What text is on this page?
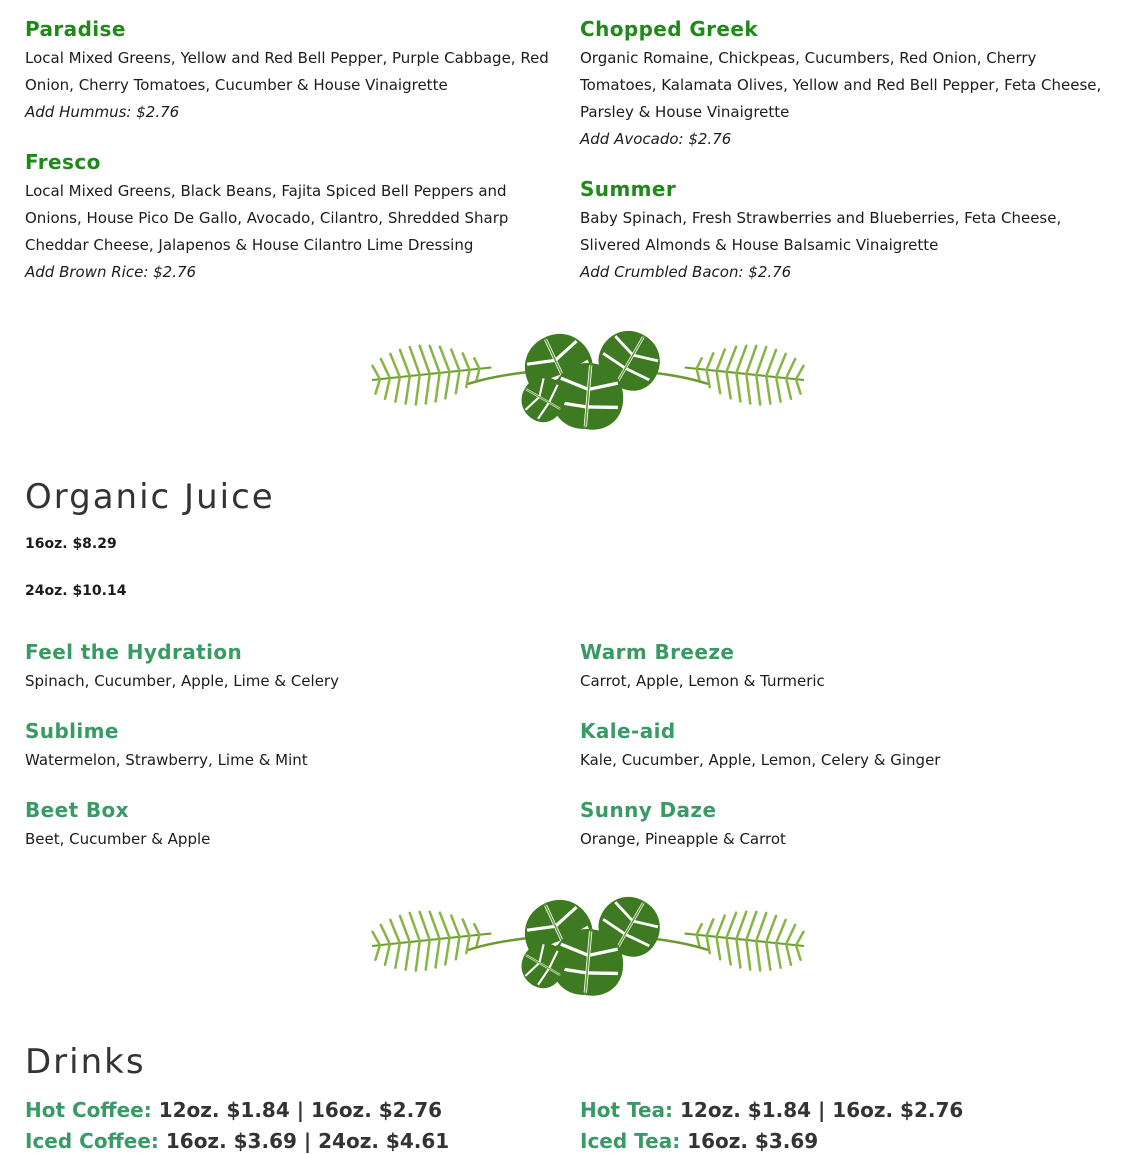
Paradise

Local Mixed Greens, Yellow and Red Bell Pepper, Purple Cabbage, Red Onion, Cherry Tomatoes, Cucumber & House Vinaigrette

Add Hummus: $2.76

Chopped Greek

Organic Romaine, Chickpeas, Cucumbers, Red Onion, Cherry Tomatoes, Kalamata Olives, Yellow and Red Bell Pepper, Feta Cheese, Parsley & House Vinaigrette

Add Avocado: $2.76

Fresco

Local Mixed Greens, Black Beans, Fajita Spiced Bell Peppers and Onions, House Pico De Gallo, Avocado, Cilantro, Shredded Sharp Cheddar Cheese, Jalapenos & House Cilantro Lime Dressing

Add Brown Rice: $2.76

Summer

Baby Spinach, Fresh Strawberries and Blueberries, Feta Cheese, Slivered Almonds & House Balsamic Vinaigrette

Add Crumbled Bacon: $2.76

Organic Juice

16oz. $8.29

24oz. $10.14

Feel the Hydration

Spinach, Cucumber, Apple, Lime & Celery

Warm Breeze

Carrot, Apple, Lemon & Turmeric

Sublime

Watermelon, Strawberry, Lime & Mint

Kale-aid

Kale, Cucumber, Apple, Lemon, Celery & Ginger

Beet Box

Beet, Cucumber & Apple

Sunny Daze

Orange, Pineapple & Carrot

Drinks

Hot Coffee: 12oz. $1.84 | 16oz. $2.76	Hot Tea: 12oz. $1.84 | 16oz. $2.76

Iced Coffee: 16oz. $3.69 | 24oz. $4.61	Iced Tea: 16oz. $3.69
